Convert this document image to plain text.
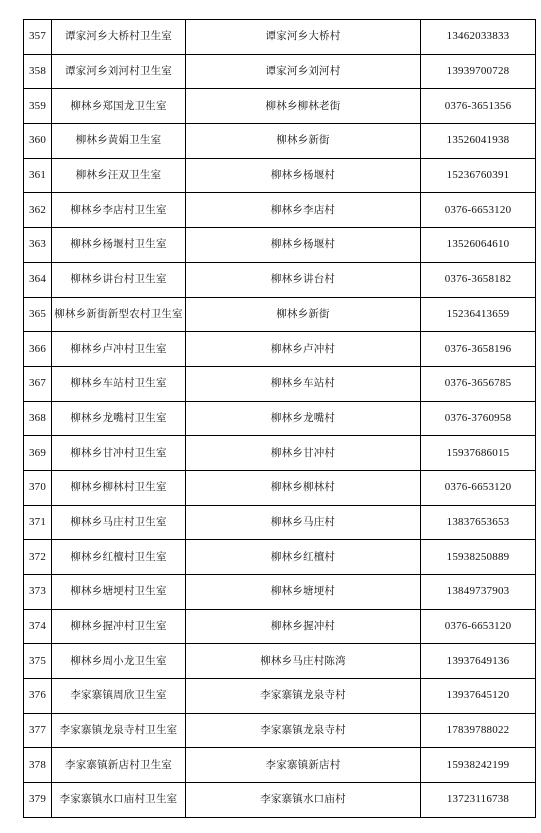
357	谭家河乡大桥村卫生室	谭家河乡大桥村	13462033833
358	谭家河乡刘河村卫生室	谭家河乡刘河村	13939700728
359	柳林乡郑国龙卫生室	柳林乡柳林老街	0376-3651356
360	柳林乡黄娟卫生室	柳林乡新街	13526041938
361	柳林乡汪双卫生室	柳林乡杨堰村	15236760391
362	柳林乡李店村卫生室	柳林乡李店村	0376-6653120
363	柳林乡杨堰村卫生室	柳林乡杨堰村	13526064610
364	柳林乡讲台村卫生室	柳林乡讲台村	0376-3658182
365	柳林乡新街新型农村卫生室	柳林乡新街	15236413659
366	柳林乡卢冲村卫生室	柳林乡卢冲村	0376-3658196
367	柳林乡车站村卫生室	柳林乡车站村	0376-3656785
368	柳林乡龙嘴村卫生室	柳林乡龙嘴村	0376-3760958
369	柳林乡甘冲村卫生室	柳林乡甘冲村	15937686015
370	柳林乡柳林村卫生室	柳林乡柳林村	0376-6653120
371	柳林乡马庄村卫生室	柳林乡马庄村	13837653653
372	柳林乡红檀村卫生室	柳林乡红檀村	15938250889
373	柳林乡塘埂村卫生室	柳林乡塘埂村	13849737903
374	柳林乡握冲村卫生室	柳林乡握冲村	0376-6653120
375	柳林乡周小龙卫生室	柳林乡马庄村陈湾	13937649136
376	李家寨镇周欣卫生室	李家寨镇龙泉寺村	13937645120
377	李家寨镇龙泉寺村卫生室	李家寨镇龙泉寺村	17839788022
378	李家寨镇新店村卫生室	李家寨镇新店村	15938242199
379	李家寨镇水口庙村卫生室	李家寨镇水口庙村	13723116738
